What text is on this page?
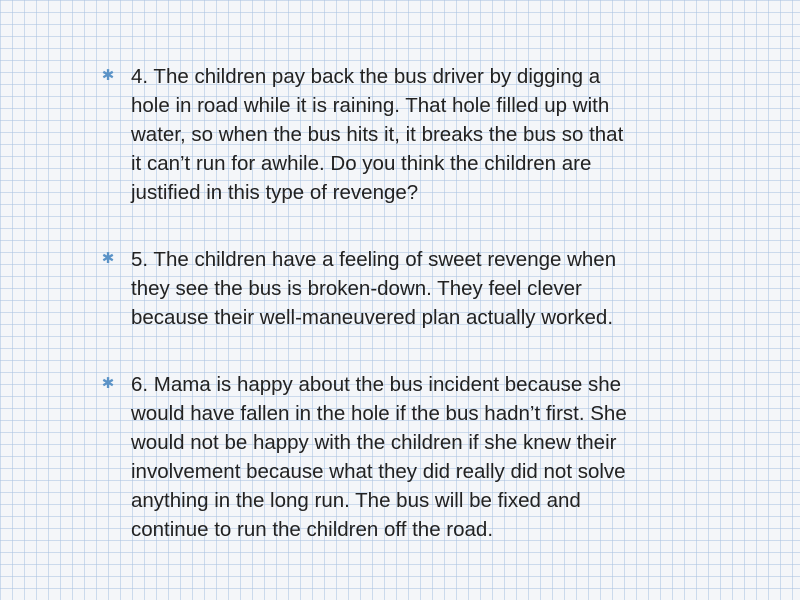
✱ 4. The children pay back the bus driver by digging a
hole in road while it is raining. That hole filled up with
water, so when the bus hits it, it breaks the bus so that
it can’t run for awhile. Do you think the children are
justified in this type of revenge?

✱ 5. The children have a feeling of sweet revenge when
they see the bus is broken-down. They feel clever
because their well-maneuvered plan actually worked.

✱ 6. Mama is happy about the bus incident because she
would have fallen in the hole if the bus hadn’t first. She
would not be happy with the children if she knew their
involvement because what they did really did not solve
anything in the long run. The bus will be fixed and
continue to run the children off the road.
